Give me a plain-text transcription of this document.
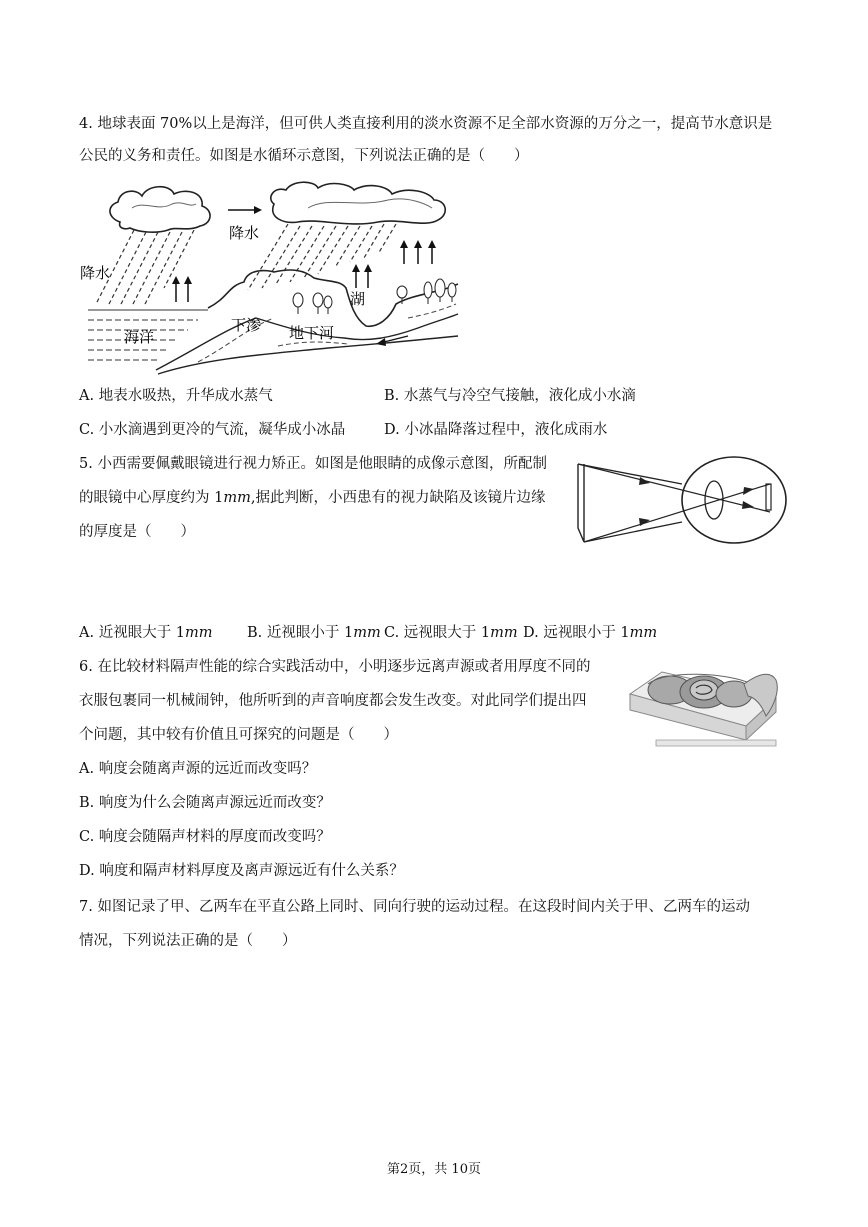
4. 地球表面 70%以上是海洋，但可供人类直接利用的淡水资源不足全部水资源的万分之一，提高节水意识是
公民的义务和责任。如图是水循环示意图，下列说法正确的是（　　）
降水
降水
海洋
下渗 地下河
湖
A. 地表水吸热，升华成水蒸气	B. 水蒸气与冷空气接触，液化成小水滴
C. 小水滴遇到更冷的气流，凝华成小冰晶	D. 小冰晶降落过程中，液化成雨水
5. 小西需要佩戴眼镜进行视力矫正。如图是他眼睛的成像示意图，所配制
的眼镜中心厚度约为 1mm,据此判断，小西患有的视力缺陷及该镜片边缘
的厚度是（　　）
A. 近视眼大于 1mm B. 近视眼小于 1mm C. 远视眼大于 1mm D. 远视眼小于 1mm
6. 在比较材料隔声性能的综合实践活动中，小明逐步远离声源或者用厚度不同的
衣服包裹同一机械闹钟，他所听到的声音响度都会发生改变。对此同学们提出四
个问题，其中较有价值且可探究的问题是（　　）
A. 响度会随离声源的远近而改变吗？
B. 响度为什么会随离声源远近而改变？
C. 响度会随隔声材料的厚度而改变吗？
D. 响度和隔声材料厚度及离声源远近有什么关系？
7. 如图记录了甲、乙两车在平直公路上同时、同向行驶的运动过程。在这段时间内关于甲、乙两车的运动
情况，下列说法正确的是（　　）
第2页，共 10页
